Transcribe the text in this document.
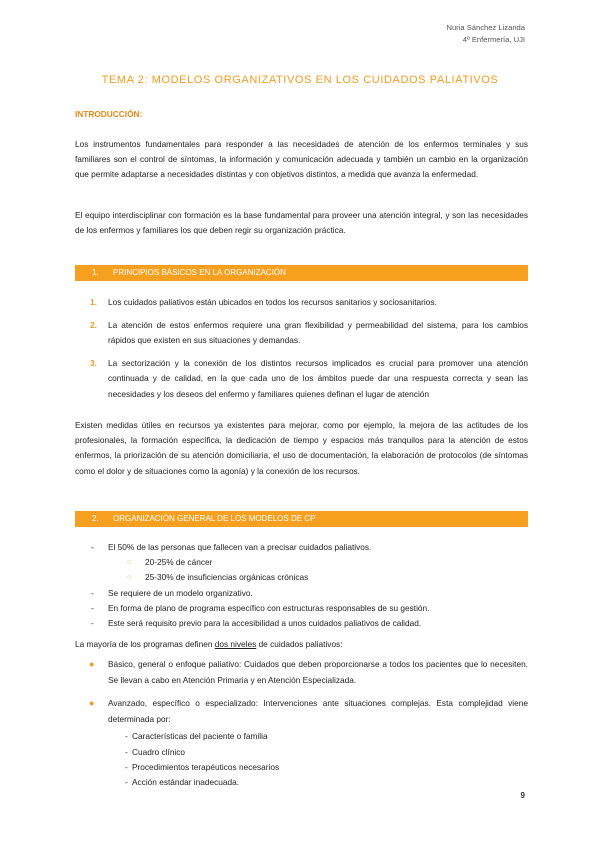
Nuria Sánchez Lizanda
4º Enfermería, UJI
TEMA 2: MODELOS ORGANIZATIVOS EN LOS CUIDADOS PALIATIVOS
INTRODUCCIÓN:
Los instrumentos fundamentales para responder a las necesidades de atención de los enfermos terminales y sus familiares son el control de síntomas, la información y comunicación adecuada y también un cambio en la organización que permite adaptarse a necesidades distintas y con objetivos distintos, a medida que avanza la enfermedad.
El equipo interdisciplinar con formación es la base fundamental para proveer una atención integral, y son las necesidades de los enfermos y familiares los que deben regir su organización práctica.
1. PRINCIPIOS BÁSICOS EN LA ORGANIZACIÓN
1. Los cuidados paliativos están ubicados en todos los recursos sanitarios y sociosanitarios.
2. La atención de estos enfermos requiere una gran flexibilidad y permeabilidad del sistema, para los cambios rápidos que existen en sus situaciones y demandas.
3. La sectorización y la conexión de los distintos recursos implicados es crucial para promover una atención continuada y de calidad, en la que cada uno de los ámbitos puede dar una respuesta correcta y sean las necesidades y los deseos del enfermo y familiares quienes definan el lugar de atención
Existen medidas útiles en recursos ya existentes para mejorar, como por ejemplo, la mejora de las actitudes de los profesionales, la formación específica, la dedicación de tiempo y espacios más tranquilos para la atención de estos enfermos, la priorización de su atención domiciliaria, el uso de documentación, la elaboración de protocolos (de síntomas como el dolor y de situaciones como la agonía) y la conexión de los recursos.
2. ORGANIZACIÓN GENERAL DE LOS MODELOS DE CP
- El 50% de las personas que fallecen van a precisar cuidados paliativos.
○ 20-25% de cáncer
○ 25-30% de insuficiencias orgánicas crónicas
- Se requiere de un modelo organizativo.
- En forma de plano de programa específico con estructuras responsables de su gestión.
- Este será requisito previo para la accesibilidad a unos cuidados paliativos de calidad.
La mayoría de los programas definen dos niveles de cuidados paliativos:
● Básico, general o enfoque paliativo: Cuidados que deben proporcionarse a todos los pacientes que lo necesiten. Se llevan a cabo en Atención Primaria y en Atención Especializada.
● Avanzado, específico o especializado: Intervenciones ante situaciones complejas. Esta complejidad viene determinada por:
- Características del paciente o familia
- Cuadro clínico
- Procedimientos terapéuticos necesarios
- Acción estándar inadecuada.
9
